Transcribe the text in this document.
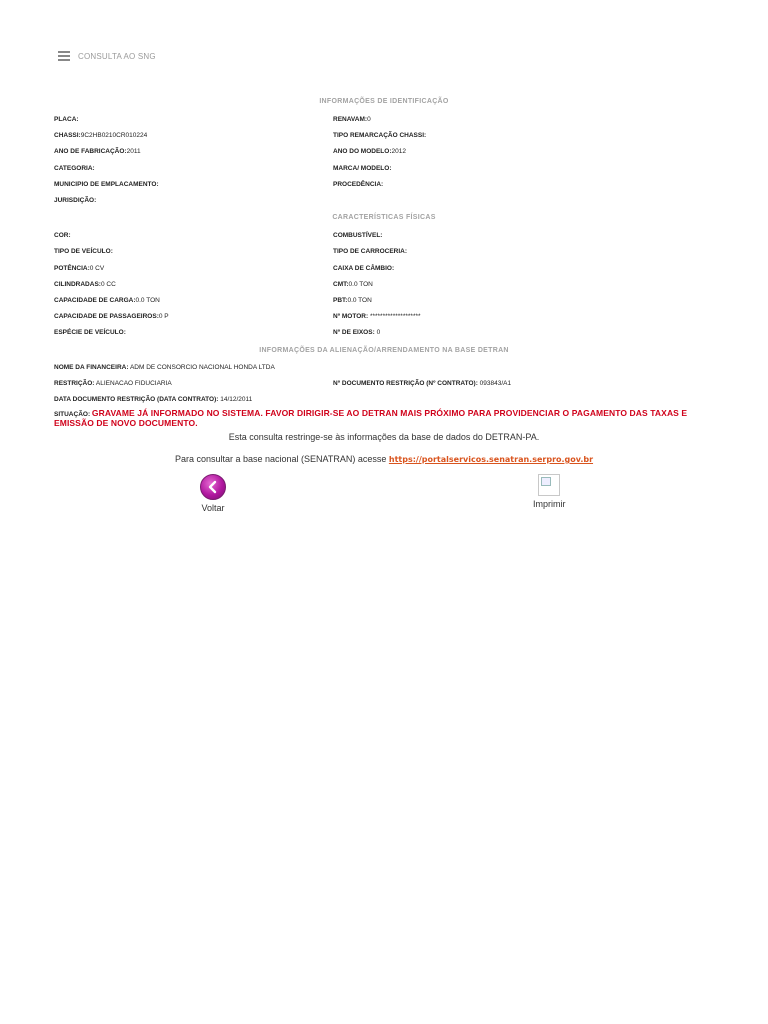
CONSULTA AO SNG
INFORMAÇÕES DE IDENTIFICAÇÃO
PLACA:	RENAVAM:0
CHASSI:9C2HB0210CR010224	TIPO REMARCAÇÃO CHASSI:
ANO DE FABRICAÇÃO:2011	ANO DO MODELO:2012
CATEGORIA:	MARCA/ MODELO:
MUNICIPIO DE EMPLACAMENTO:	PROCEDÊNCIA:
JURISDIÇÃO:
CARACTERÍSTICAS FÍSICAS
COR:	COMBUSTÍVEL:
TIPO DE VEÍCULO:	TIPO DE CARROCERIA:
POTÊNCIA:0 CV	CAIXA DE CÂMBIO:
CILINDRADAS:0 CC	CMT:0.0 TON
CAPACIDADE DE CARGA:0.0 TON	PBT:0.0 TON
CAPACIDADE DE PASSAGEIROS:0 P	Nº MOTOR: ********************
ESPÉCIE DE VEÍCULO:	Nº DE EIXOS: 0
INFORMAÇÕES DA ALIENAÇÃO/ARRENDAMENTO NA BASE DETRAN
NOME DA FINANCEIRA: ADM DE CONSORCIO NACIONAL HONDA LTDA
RESTRIÇÃO: ALIENACAO FIDUCIARIA	Nº DOCUMENTO RESTRIÇÃO (Nº CONTRATO): 093843/A1
DATA DOCUMENTO RESTRIÇÃO (DATA CONTRATO): 14/12/2011
SITUAÇÃO: GRAVAME JÁ INFORMADO NO SISTEMA. FAVOR DIRIGIR-SE AO DETRAN MAIS PRÓXIMO PARA PROVIDENCIAR O PAGAMENTO DAS TAXAS E EMISSÃO DE NOVO DOCUMENTO.
Esta consulta restringe-se às informações da base de dados do DETRAN-PA.
Para consultar a base nacional (SENATRAN) acesse https://portalservicos.senatran.serpro.gov.br
Voltar	Imprimir
